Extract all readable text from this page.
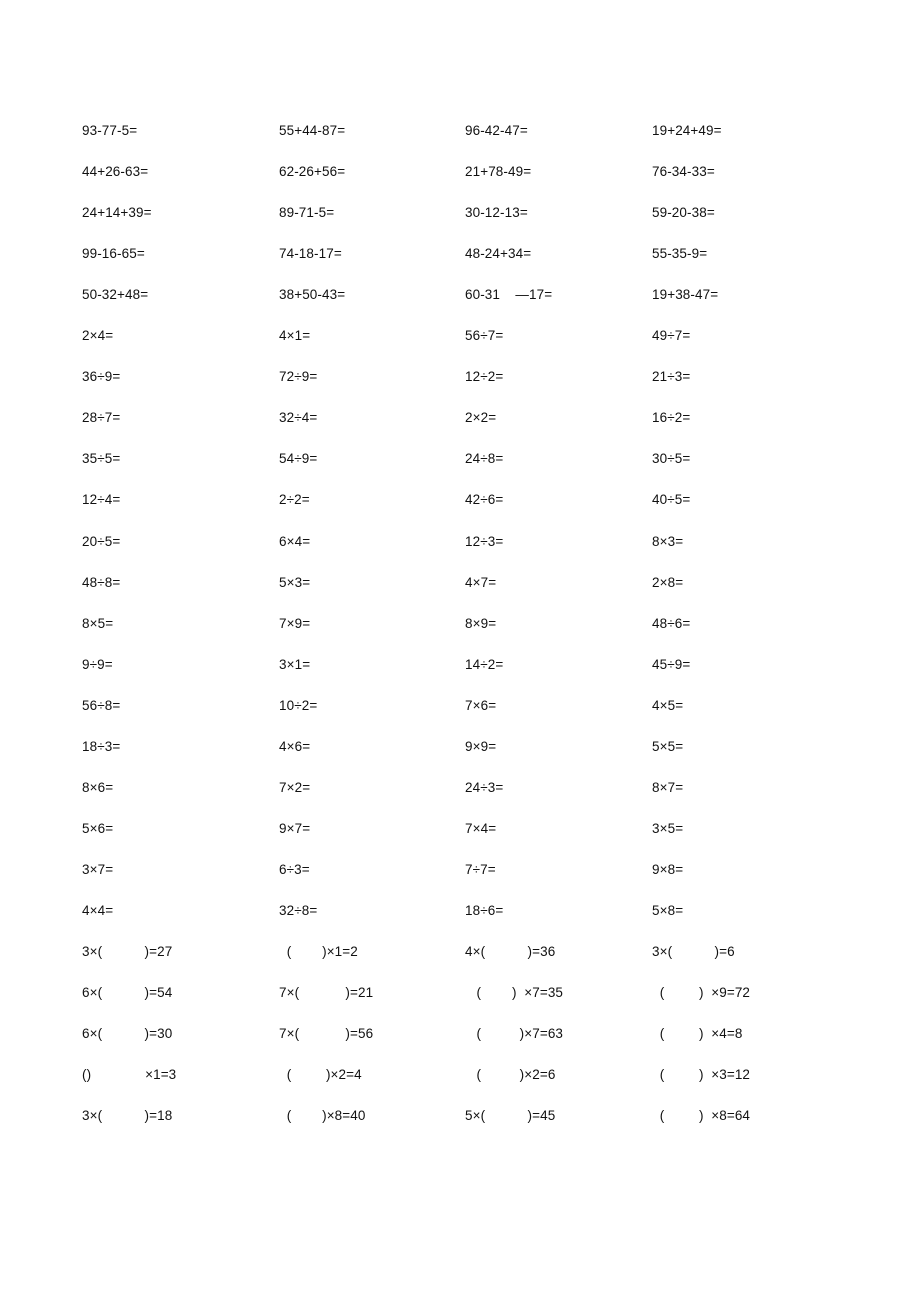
93-77-5=	55+44-87=	96-42-47=	19+24+49=
44+26-63=	62-26+56=	21+78-49=	76-34-33=
24+14+39=	89-71-5=	30-12-13=	59-20-38=
99-16-65=	74-18-17=	48-24+34=	55-35-9=
50-32+48=	38+50-43=	60-31    —17=	19+38-47=
2×4=	4×1=	56÷7=	49÷7=
36÷9=	72÷9=	12÷2=	21÷3=
28÷7=	32÷4=	2×2=	16÷2=
35÷5=	54÷9=	24÷8=	30÷5=
12÷4=	2÷2=	42÷6=	40÷5=
20÷5=	6×4=	12÷3=	8×3=
48÷8=	5×3=	4×7=	2×8=
8×5=	7×9=	8×9=	48÷6=
9÷9=	3×1=	14÷2=	45÷9=
56÷8=	10÷2=	7×6=	4×5=
18÷3=	4×6=	9×9=	5×5=
8×6=	7×2=	24÷3=	8×7=
5×6=	9×7=	7×4=	3×5=
3×7=	6÷3=	7÷7=	9×8=
4×4=	32÷8=	18÷6=	5×8=
3×(           )=27	(        )×1=2	4×(           )=36	3×(           )=6
6×(           )=54	7×(            )=21	(        )  ×7=35	(         )  ×9=72
6×(           )=30	7×(            )=56	(          )×7=63	(         )  ×4=8
()              ×1=3	(         )×2=4	(          )×2=6	(         )  ×3=12
3×(           )=18	(        )×8=40	5×(           )=45	(         )  ×8=64
